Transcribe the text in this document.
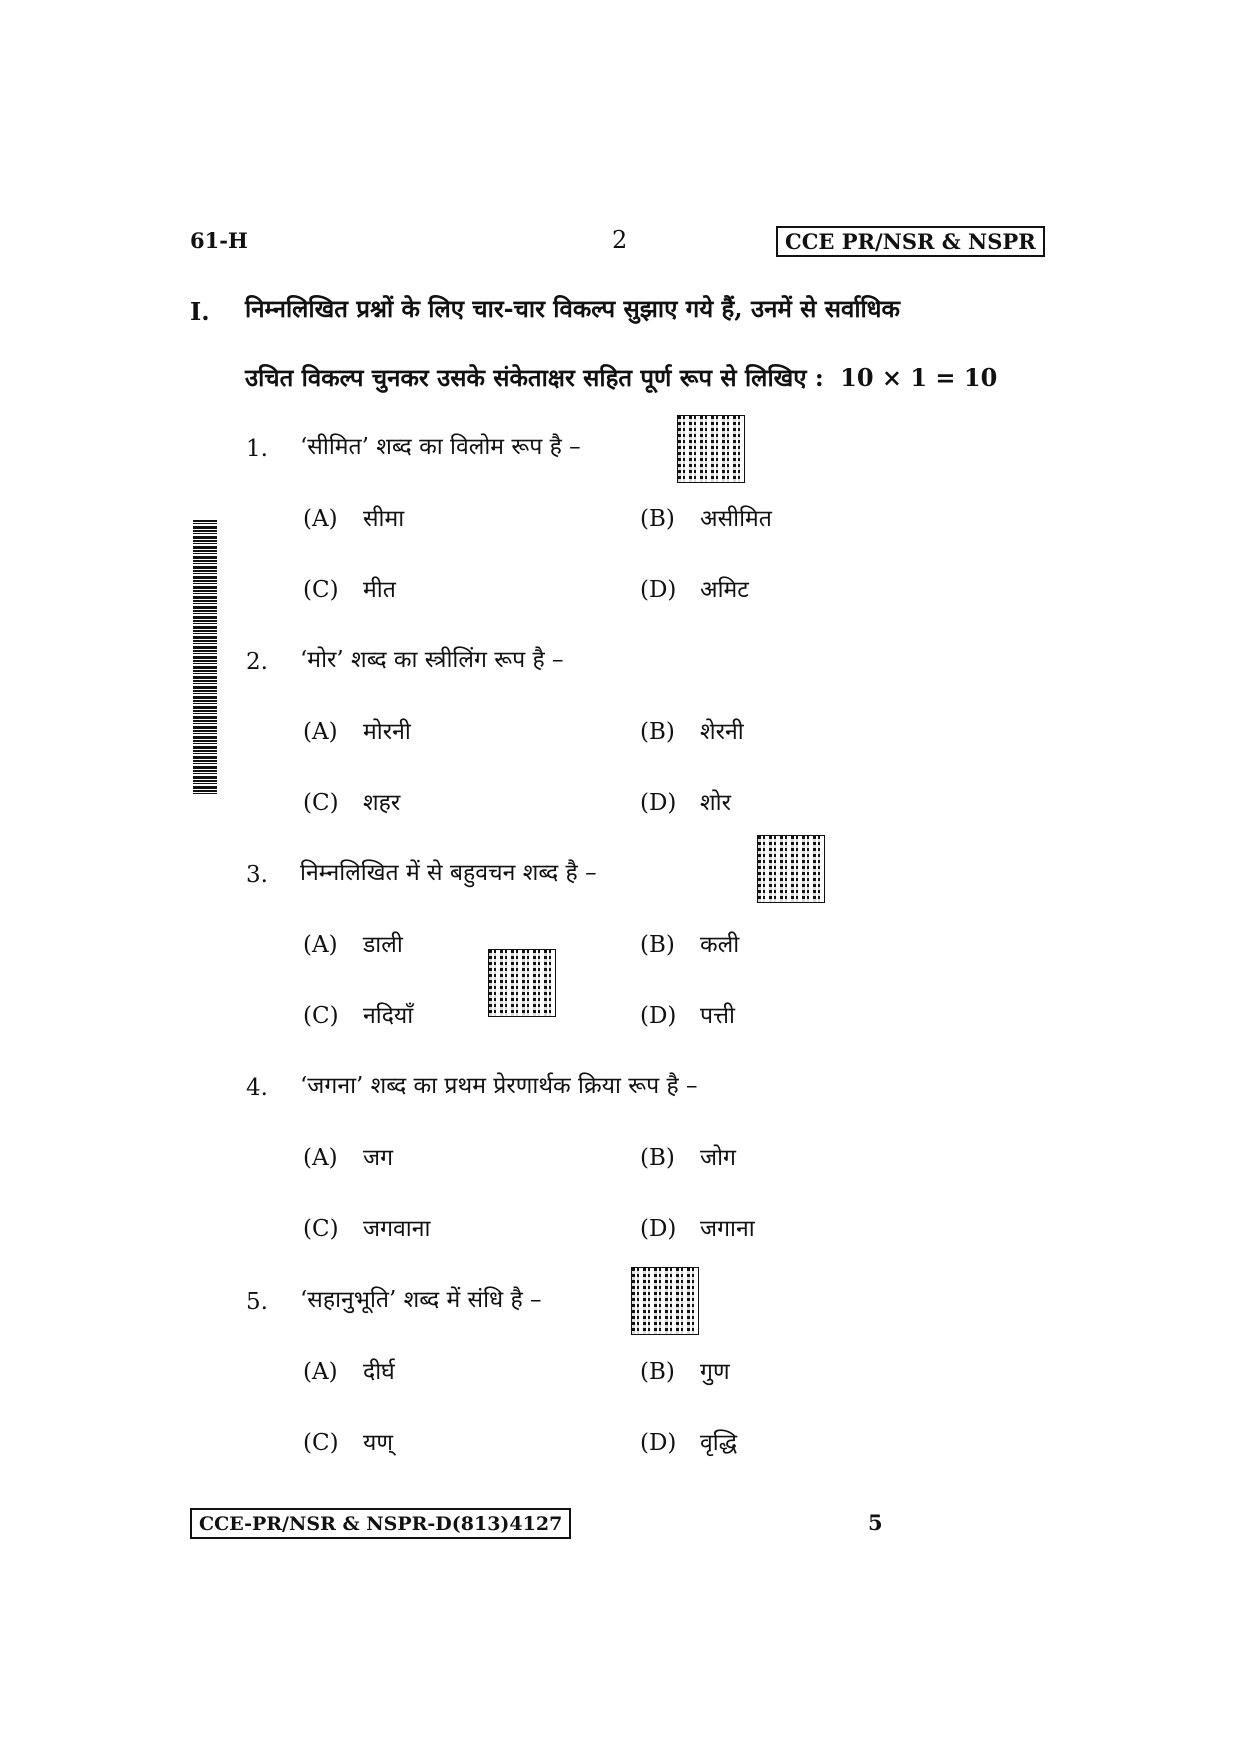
61-H	2	CCE PR/NSR & NSPR
I. निम्नलिखित प्रश्नों के लिए चार-चार विकल्प सुझाए गये हैं, उनमें से सर्वाधिक
उचित विकल्प चुनकर उसके संकेताक्षर सहित पूर्ण रूप से लिखिए : 10 × 1 = 10
1. ‘सीमित’ शब्द का विलोम रूप है –
(A) सीमा	(B) असीमित
(C) मीत	(D) अमिट
2. ‘मोर’ शब्द का स्त्रीलिंग रूप है –
(A) मोरनी	(B) शेरनी
(C) शहर	(D) शोर
3. निम्नलिखित में से बहुवचन शब्द है –
(A) डाली	(B) कली
(C) नदियाँ	(D) पत्ती
4. ‘जगना’ शब्द का प्रथम प्रेरणार्थक क्रिया रूप है –
(A) जग	(B) जोग
(C) जगवाना	(D) जगाना
5. ‘सहानुभूति’ शब्द में संधि है –
(A) दीर्घ	(B) गुण
(C) यण्	(D) वृद्धि
CCE-PR/NSR & NSPR-D(813)4127	5
